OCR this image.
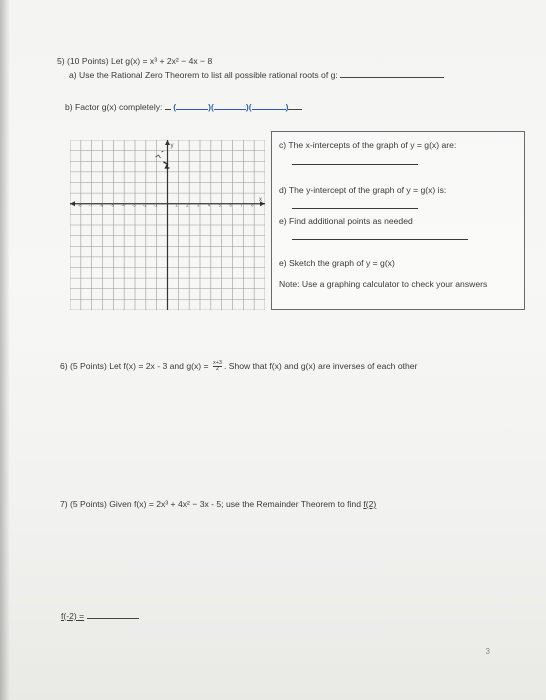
5) (10 Points) Let g(x) = x³ + 2x² − 4x − 8
a) Use the Rational Zero Theorem to list all possible rational roots of g:
b) Factor g(x) completely: (	)(	)(	)
y
x
-8 -7 -6 -5 -4 -3 -2 -1	1 2 3 4 5 6 7 8
c) The x-intercepts of the graph of y = g(x) are:
d) The y-intercept of the graph of y = g(x) is:
e) Find additional points as needed
e) Sketch the graph of y = g(x)
Note: Use a graphing calculator to check your answers
6) (5 Points) Let f(x) = 2x - 3 and $g(x) = \frac{x+3}{2}$ . Show that f(x) and g(x) are inverses of each other
7) (5 Points) Given f(x) = 2x³ + 4x² − 3x - 5; use the Remainder Theorem to find f(2)
f(-2) =
3
